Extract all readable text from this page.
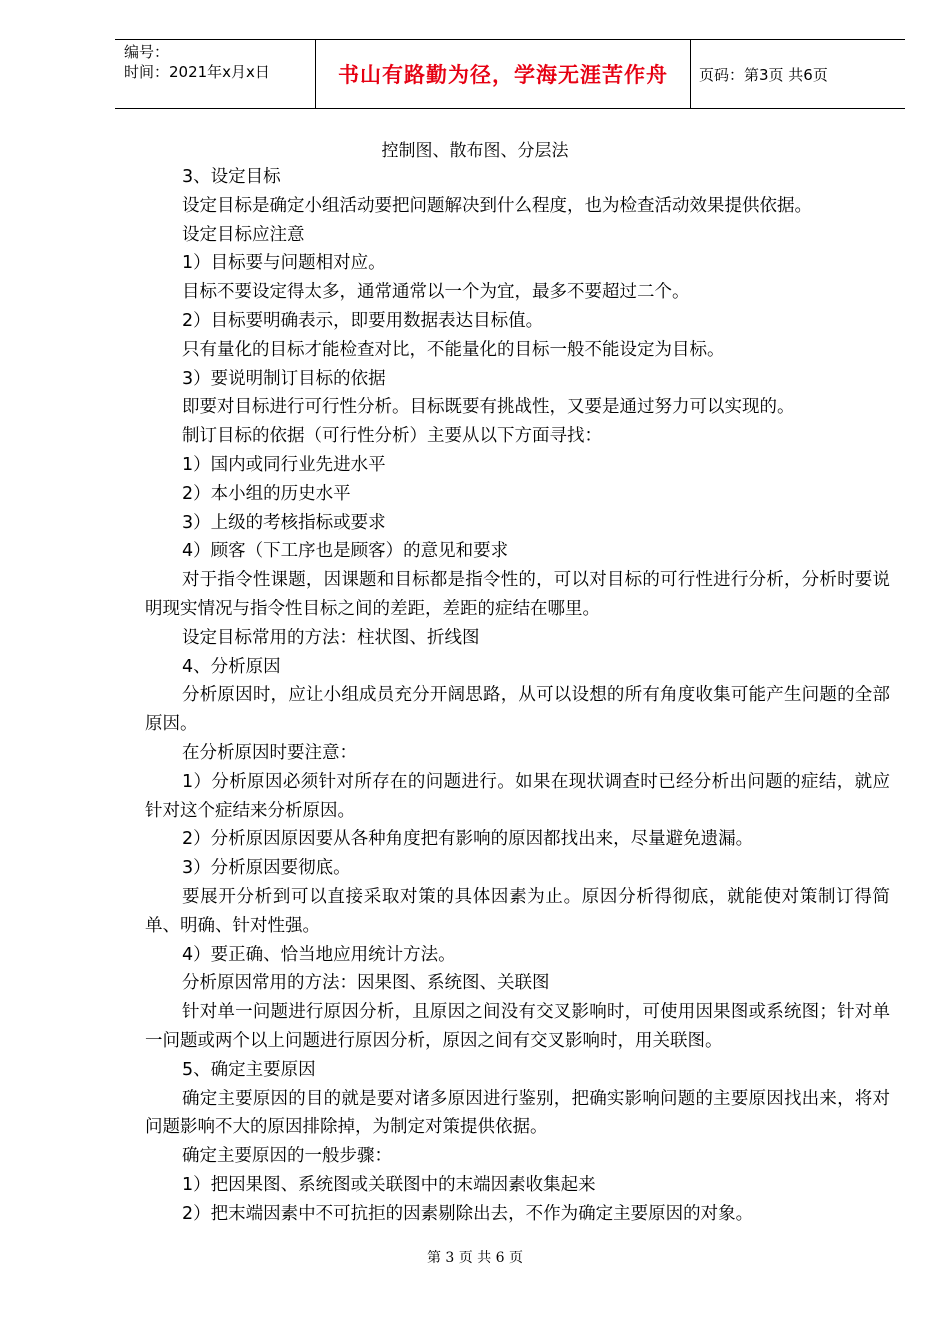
编号：
时间：2021年x月x日	书山有路勤为径，学海无涯苦作舟 页码：第3页 共6页
控制图、散布图、分层法

3、设定目标

设定目标是确定小组活动要把问题解决到什么程度，也为检查活动效果提供依据。

设定目标应注意

1）目标要与问题相对应。

目标不要设定得太多，通常通常以一个为宜，最多不要超过二个。

2）目标要明确表示，即要用数据表达目标值。

只有量化的目标才能检查对比，不能量化的目标一般不能设定为目标。

3）要说明制订目标的依据

即要对目标进行可行性分析。目标既要有挑战性，又要是通过努力可以实现的。

制订目标的依据（可行性分析）主要从以下方面寻找：

1）国内或同行业先进水平

2）本小组的历史水平

3）上级的考核指标或要求

4）顾客（下工序也是顾客）的意见和要求

对于指令性课题，因课题和目标都是指令性的，可以对目标的可行性进行分析，分析时要说明现实情况与指令性目标之间的差距，差距的症结在哪里。

设定目标常用的方法：柱状图、折线图

4、分析原因

分析原因时，应让小组成员充分开阔思路，从可以设想的所有角度收集可能产生问题的全部原因。

在分析原因时要注意：

1）分析原因必须针对所存在的问题进行。如果在现状调查时已经分析出问题的症结，就应针对这个症结来分析原因。

2）分析原因原因要从各种角度把有影响的原因都找出来，尽量避免遗漏。

3）分析原因要彻底。

要展开分析到可以直接采取对策的具体因素为止。原因分析得彻底，就能使对策制订得简单、明确、针对性强。

4）要正确、恰当地应用统计方法。

分析原因常用的方法：因果图、系统图、关联图

针对单一问题进行原因分析，且原因之间没有交叉影响时，可使用因果图或系统图；针对单一问题或两个以上问题进行原因分析，原因之间有交叉影响时，用关联图。

5、确定主要原因

确定主要原因的目的就是要对诸多原因进行鉴别，把确实影响问题的主要原因找出来，将对问题影响不大的原因排除掉，为制定对策提供依据。

确定主要原因的一般步骤：

1）把因果图、系统图或关联图中的末端因素收集起来

2）把末端因素中不可抗拒的因素剔除出去，不作为确定主要原因的对象。

第 3 页 共 6 页
